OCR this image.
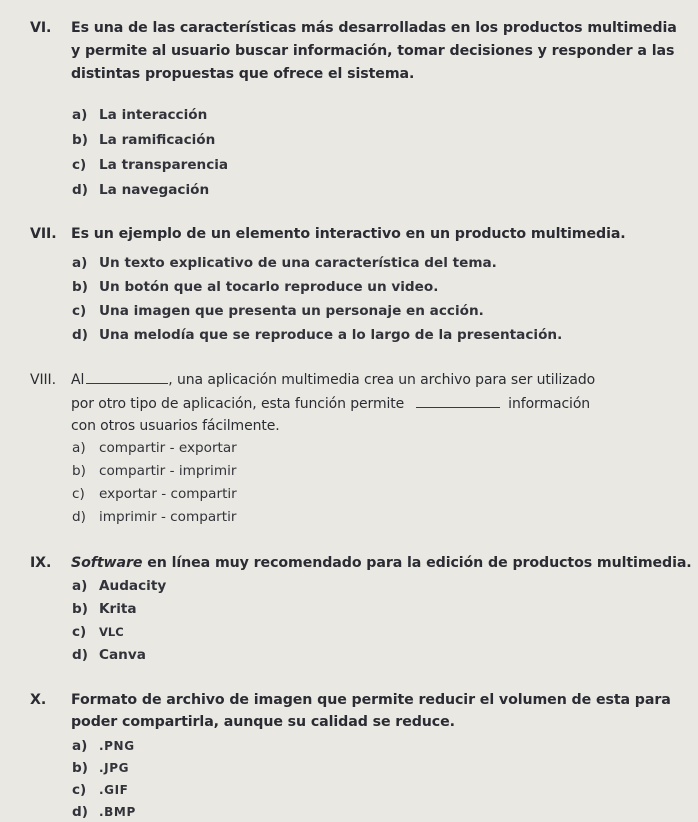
VI. Es una de las características más desarrolladas en los productos multimedia
y permite al usuario buscar información, tomar decisiones y responder a las
distintas propuestas que ofrece el sistema.
a) La interacción
b) La ramificación
c) La transparencia
d) La navegación
VII. Es un ejemplo de un elemento interactivo en un producto multimedia.
a) Un texto explicativo de una característica del tema.
b) Un botón que al tocarlo reproduce un video.
c) Una imagen que presenta un personaje en acción.
d) Una melodía que se reproduce a lo largo de la presentación.
VIII. Al	, una aplicación multimedia crea un archivo para ser utilizado
por otro tipo de aplicación, esta función permite	información
con otros usuarios fácilmente.
a) compartir - exportar
b) compartir - imprimir
c) exportar - compartir
d) imprimir - compartir
IX. Software en línea muy recomendado para la edición de productos multimedia.
a) Audacity
b) Krita
c) VLC
d) Canva
X. Formato de archivo de imagen que permite reducir el volumen de esta para
poder compartirla, aunque su calidad se reduce.
a) .PNG
b) .JPG
c) .GIF
d) .BMP
